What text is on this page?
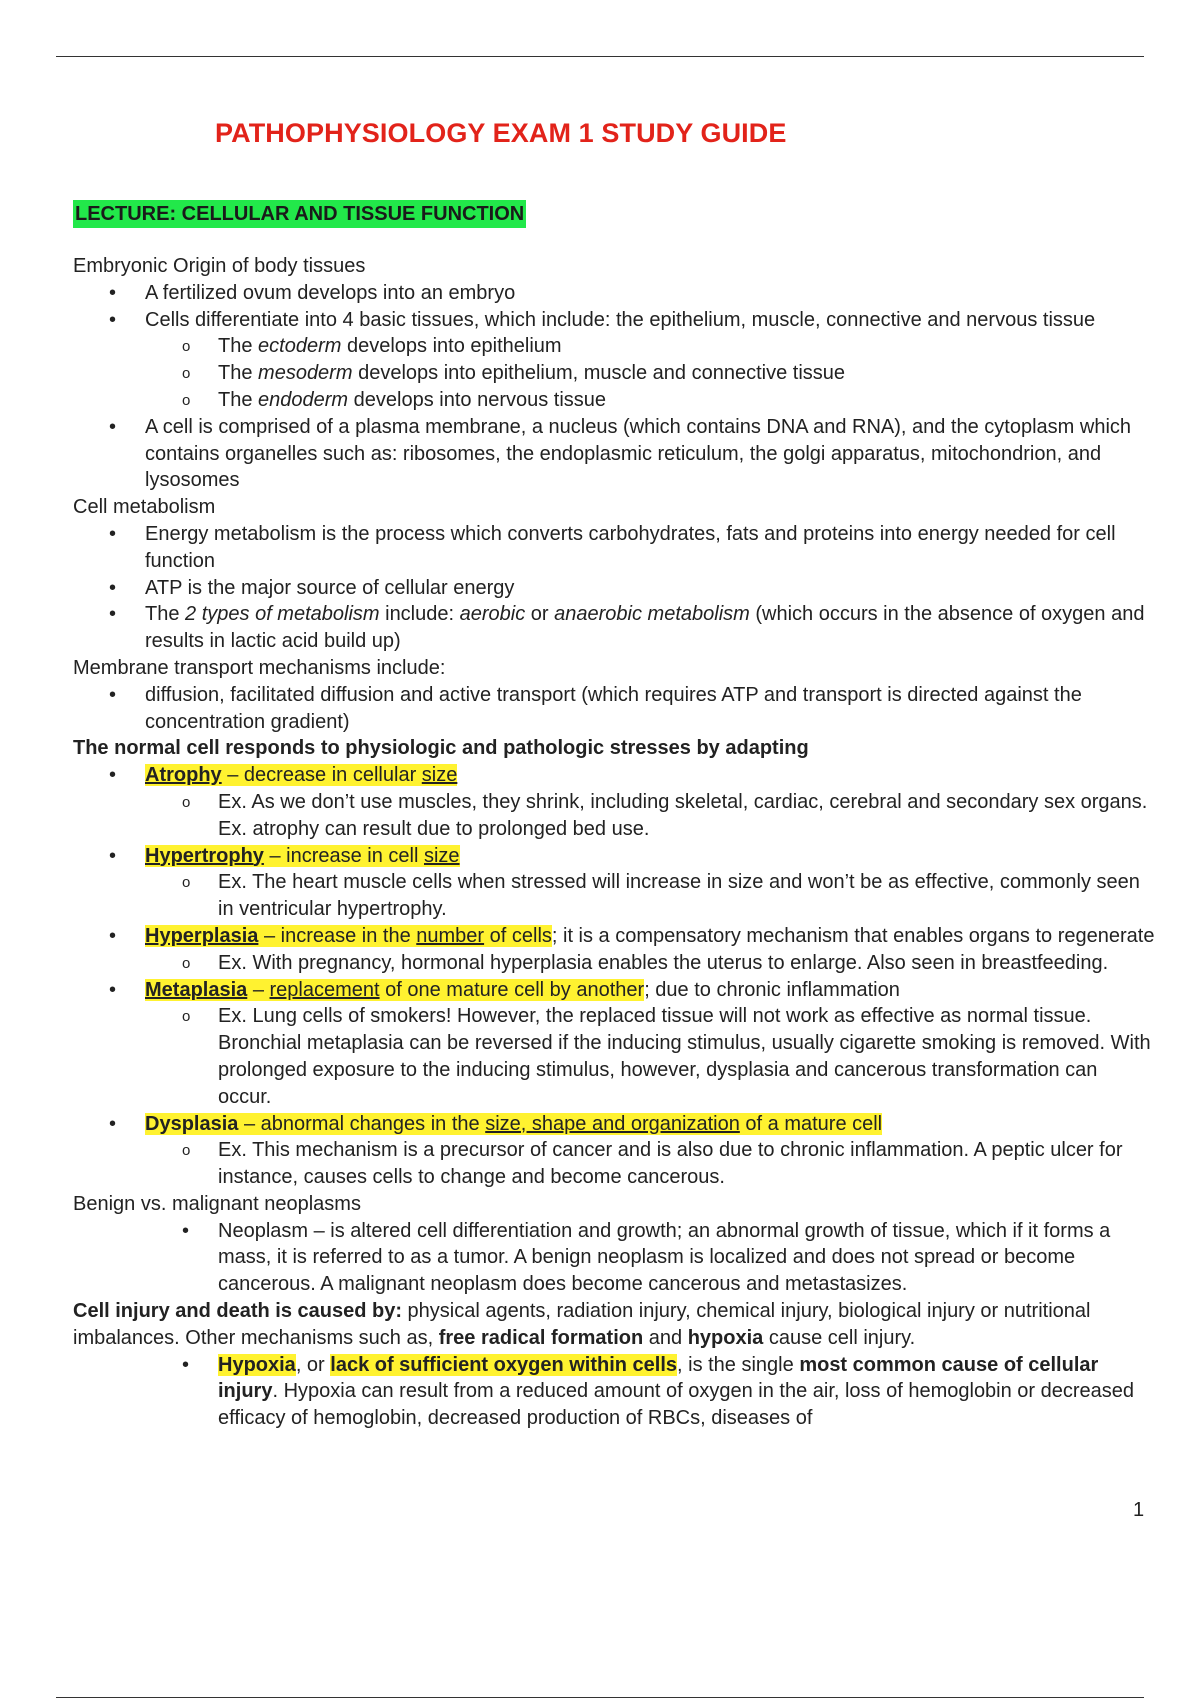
PATHOPHYSIOLOGY EXAM 1 STUDY GUIDE
LECTURE: CELLULAR AND TISSUE FUNCTION

Embryonic Origin of body tissues

• A fertilized ovum develops into an embryo
• Cells differentiate into 4 basic tissues, which include: the epithelium, muscle, connective and nervous tissue
o The ectoderm develops into epithelium
o The mesoderm develops into epithelium, muscle and connective tissue
o The endoderm develops into nervous tissue
• A cell is comprised of a plasma membrane, a nucleus (which contains DNA and RNA), and the cytoplasm which contains organelles such as: ribosomes, the endoplasmic reticulum, the golgi apparatus, mitochondrion, and lysosomes

Cell metabolism

• Energy metabolism is the process which converts carbohydrates, fats and proteins into energy needed for cell function
• ATP is the major source of cellular energy
• The 2 types of metabolism include: aerobic or anaerobic metabolism (which occurs in the absence of oxygen and results in lactic acid build up)

Membrane transport mechanisms include:

• diffusion, facilitated diffusion and active transport (which requires ATP and transport is directed against the concentration gradient)

The normal cell responds to physiologic and pathologic stresses by adapting

• Atrophy – decrease in cellular size
o Ex. As we don’t use muscles, they shrink, including skeletal, cardiac, cerebral and secondary sex organs. Ex. atrophy can result due to prolonged bed use.
• Hypertrophy – increase in cell size
o Ex. The heart muscle cells when stressed will increase in size and won’t be as effective, commonly seen in ventricular hypertrophy.
• Hyperplasia – increase in the number of cells; it is a compensatory mechanism that enables organs to regenerate
o Ex. With pregnancy, hormonal hyperplasia enables the uterus to enlarge. Also seen in breastfeeding.
• Metaplasia – replacement of one mature cell by another; due to chronic inflammation
o Ex. Lung cells of smokers! However, the replaced tissue will not work as effective as normal tissue. Bronchial metaplasia can be reversed if the inducing stimulus, usually cigarette smoking is removed. With prolonged exposure to the inducing stimulus, however, dysplasia and cancerous transformation can occur.
• Dysplasia – abnormal changes in the size, shape and organization of a mature cell
o Ex. This mechanism is a precursor of cancer and is also due to chronic inflammation. A peptic ulcer for instance, causes cells to change and become cancerous.

Benign vs. malignant neoplasms

• Neoplasm – is altered cell differentiation and growth; an abnormal growth of tissue, which if it forms a mass, it is referred to as a tumor. A benign neoplasm is localized and does not spread or become cancerous. A malignant neoplasm does become cancerous and metastasizes.

Cell injury and death is caused by: physical agents, radiation injury, chemical injury, biological injury or nutritional imbalances. Other mechanisms such as, free radical formation and hypoxia cause cell injury.

• Hypoxia, or lack of sufficient oxygen within cells, is the single most common cause of cellular injury. Hypoxia can result from a reduced amount of oxygen in the air, loss of hemoglobin or decreased efficacy of hemoglobin, decreased production of RBCs, diseases of
1
